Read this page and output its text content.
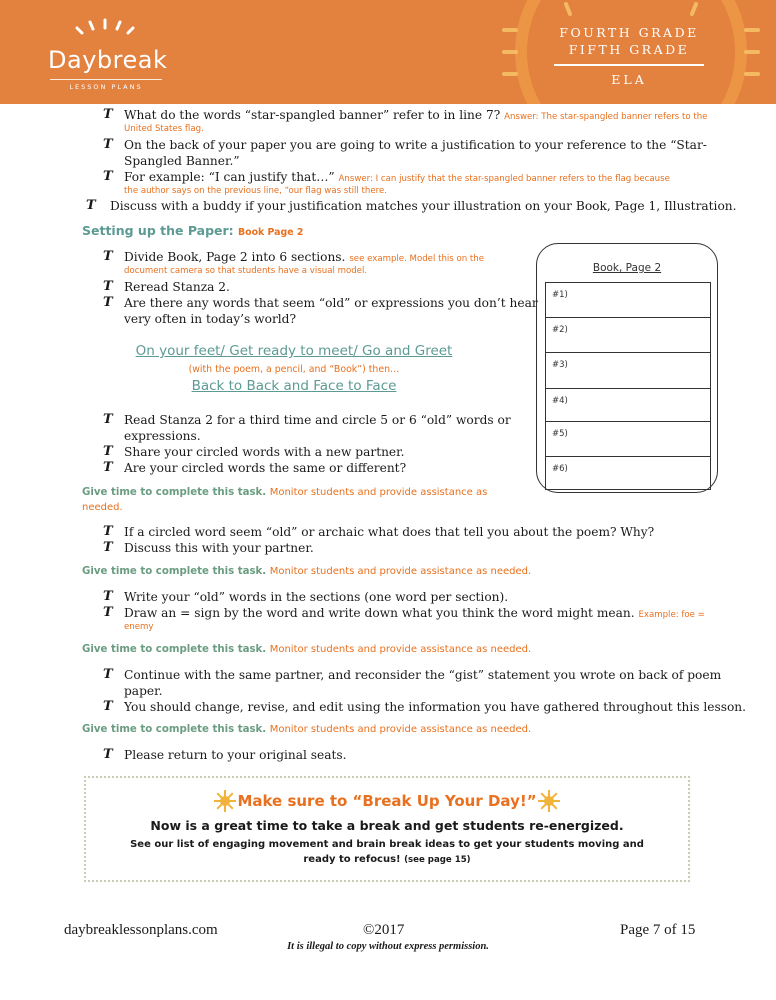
Daybreak
LESSON PLANS
FOURTH GRADE
FIFTH GRADE
ELA
T What do the words “star-spangled banner” refer to in line 7? Answer: The star-spangled banner refers to the
United States flag.
T On the back of your paper you are going to write a justification to your reference to the “Star-
Spangled Banner.”
T For example: “I can justify that…” Answer: I can justify that the star-spangled banner refers to the flag because
the author says on the previous line, “our flag was still there.
T Discuss with a buddy if your justification matches your illustration on your Book, Page 1, Illustration.
Setting up the Paper: Book Page 2
T Divide Book, Page 2 into 6 sections. see example. Model this on the
document camera so that students have a visual model.
T Reread Stanza 2.
T Are there any words that seem “old” or expressions you don’t hear
very often in today’s world?
Book, Page 2
#1)
#2)
#3)
#4)
#5)
#6)
On your feet/ Get ready to meet/ Go and Greet
(with the poem, a pencil, and “Book”) then…
Back to Back and Face to Face
T Read Stanza 2 for a third time and circle 5 or 6 “old” words or
expressions.
T Share your circled words with a new partner.
T Are your circled words the same or different?
Give time to complete this task. Monitor students and provide assistance as
needed.
T If a circled word seem “old” or archaic what does that tell you about the poem? Why?
T Discuss this with your partner.
Give time to complete this task. Monitor students and provide assistance as needed.
T Write your “old” words in the sections (one word per section).
T Draw an = sign by the word and write down what you think the word might mean. Example: foe =
enemy
Give time to complete this task. Monitor students and provide assistance as needed.
T Continue with the same partner, and reconsider the “gist” statement you wrote on back of poem
paper.
T You should change, revise, and edit using the information you have gathered throughout this lesson.
Give time to complete this task. Monitor students and provide assistance as needed.
T Please return to your original seats.
Make sure to “Break Up Your Day!”
Now is a great time to take a break and get students re-energized.
See our list of engaging movement and brain break ideas to get your students moving and
ready to refocus! (see page 15)
daybreaklessonplans.com	©2017	Page 7 of 15
It is illegal to copy without express permission.
